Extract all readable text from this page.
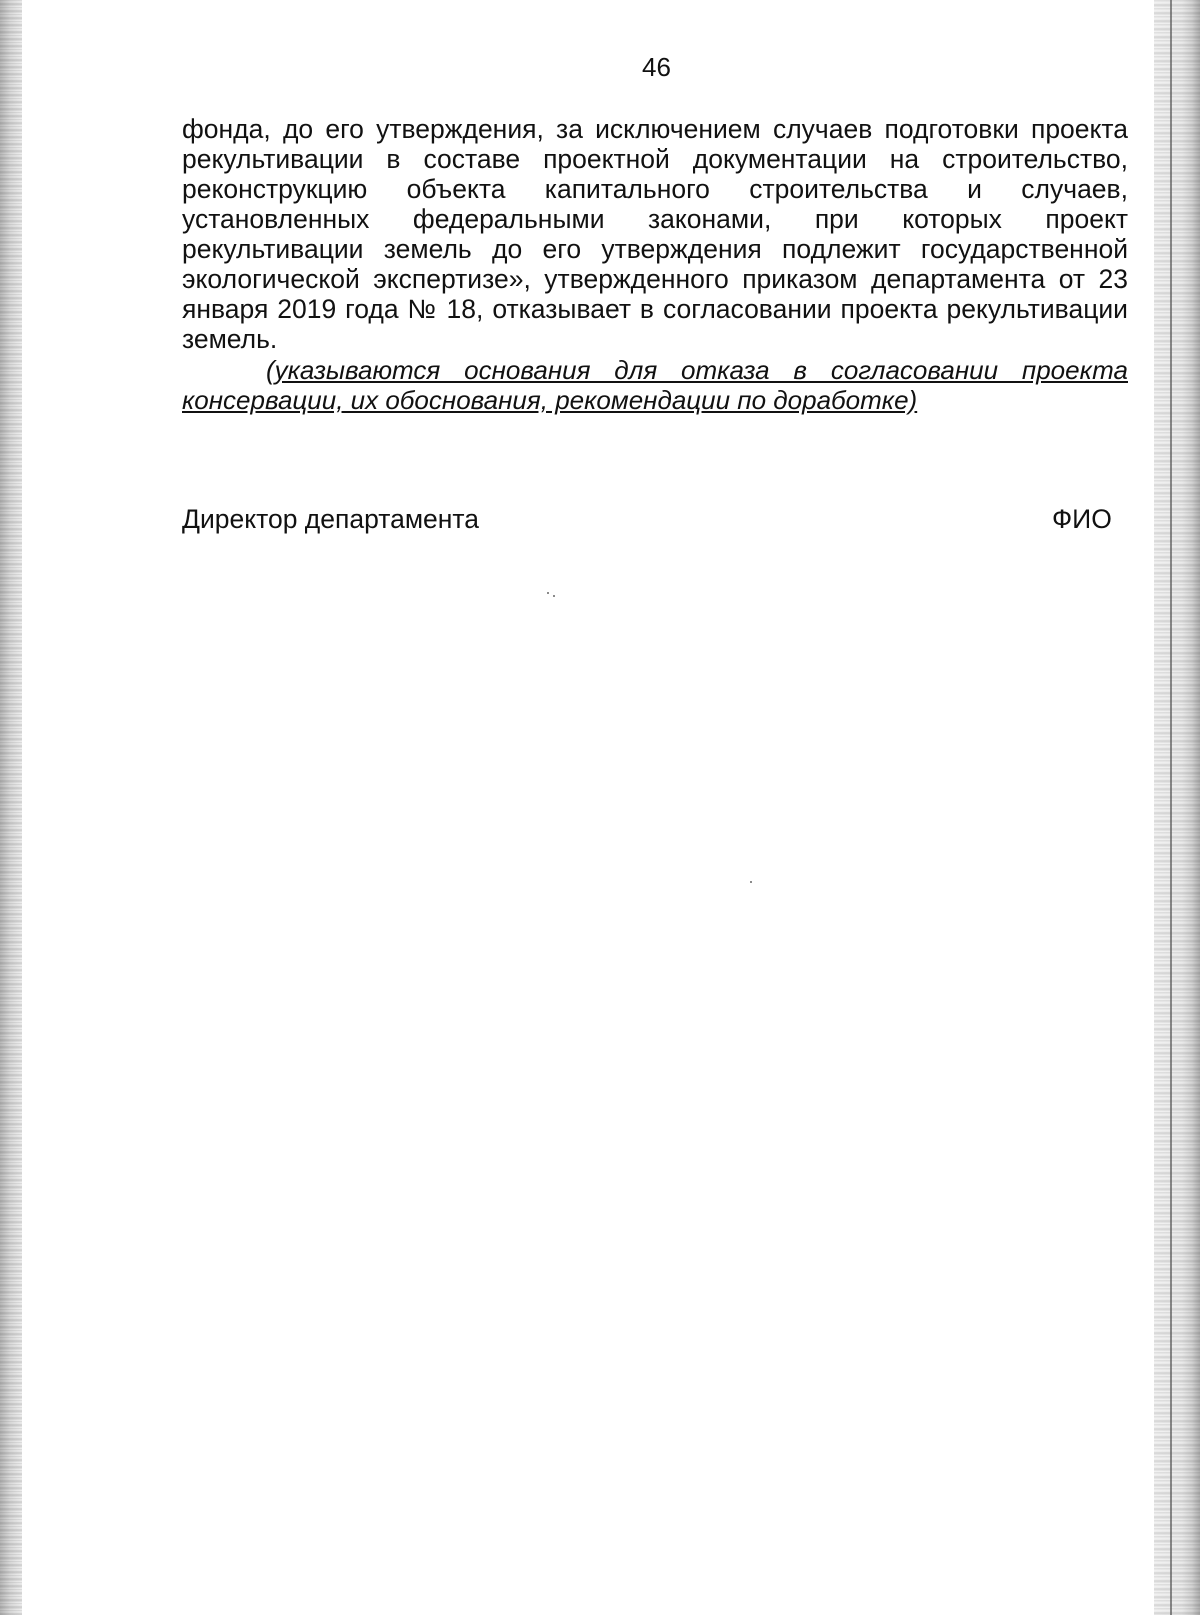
46

фонда, до его утверждения, за исключением случаев подготовки проекта рекультивации в составе проектной документации на строительство, реконструкцию объекта капитального строительства и случаев, установленных федеральными законами, при которых проект рекультивации земель до его утверждения подлежит государственной экологической экспертизе», утвержденного приказом департамента от 23 января 2019 года № 18, отказывает в согласовании проекта рекультивации земель.

(указываются основания для отказа в согласовании проекта консервации, их обоснования, рекомендации по доработке)

Директор департамента	ФИО
